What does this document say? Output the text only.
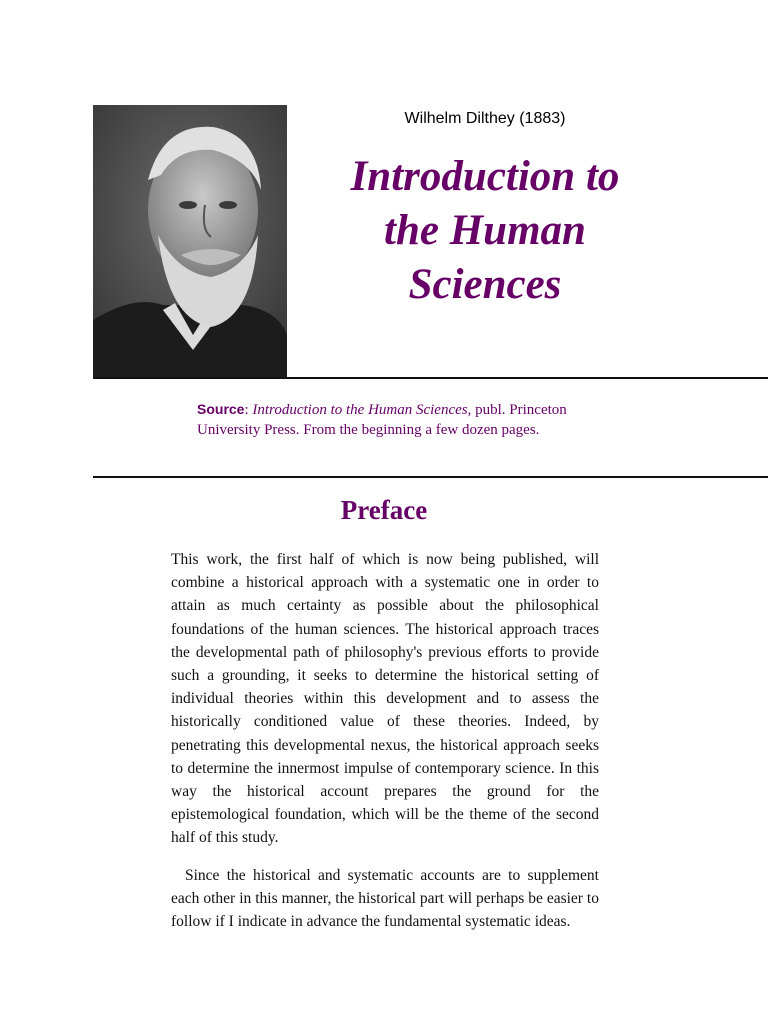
Wilhelm Dilthey (1883)
Introduction to the Human Sciences
Source: Introduction to the Human Sciences, publ. Princeton University Press. From the beginning a few dozen pages.
Preface

This work, the first half of which is now being published, will combine a historical approach with a systematic one in order to attain as much certainty as possible about the philosophical foundations of the human sciences. The historical approach traces the developmental path of philosophy's previous efforts to provide such a grounding, it seeks to determine the historical setting of individual theories within this development and to assess the historically conditioned value of these theories. Indeed, by penetrating this developmental nexus, the historical approach seeks to determine the innermost impulse of contemporary science. In this way the historical account prepares the ground for the epistemological foundation, which will be the theme of the second half of this study.

Since the historical and systematic accounts are to supplement each other in this manner, the historical part will perhaps be easier to follow if I indicate in advance the fundamental systematic ideas.
